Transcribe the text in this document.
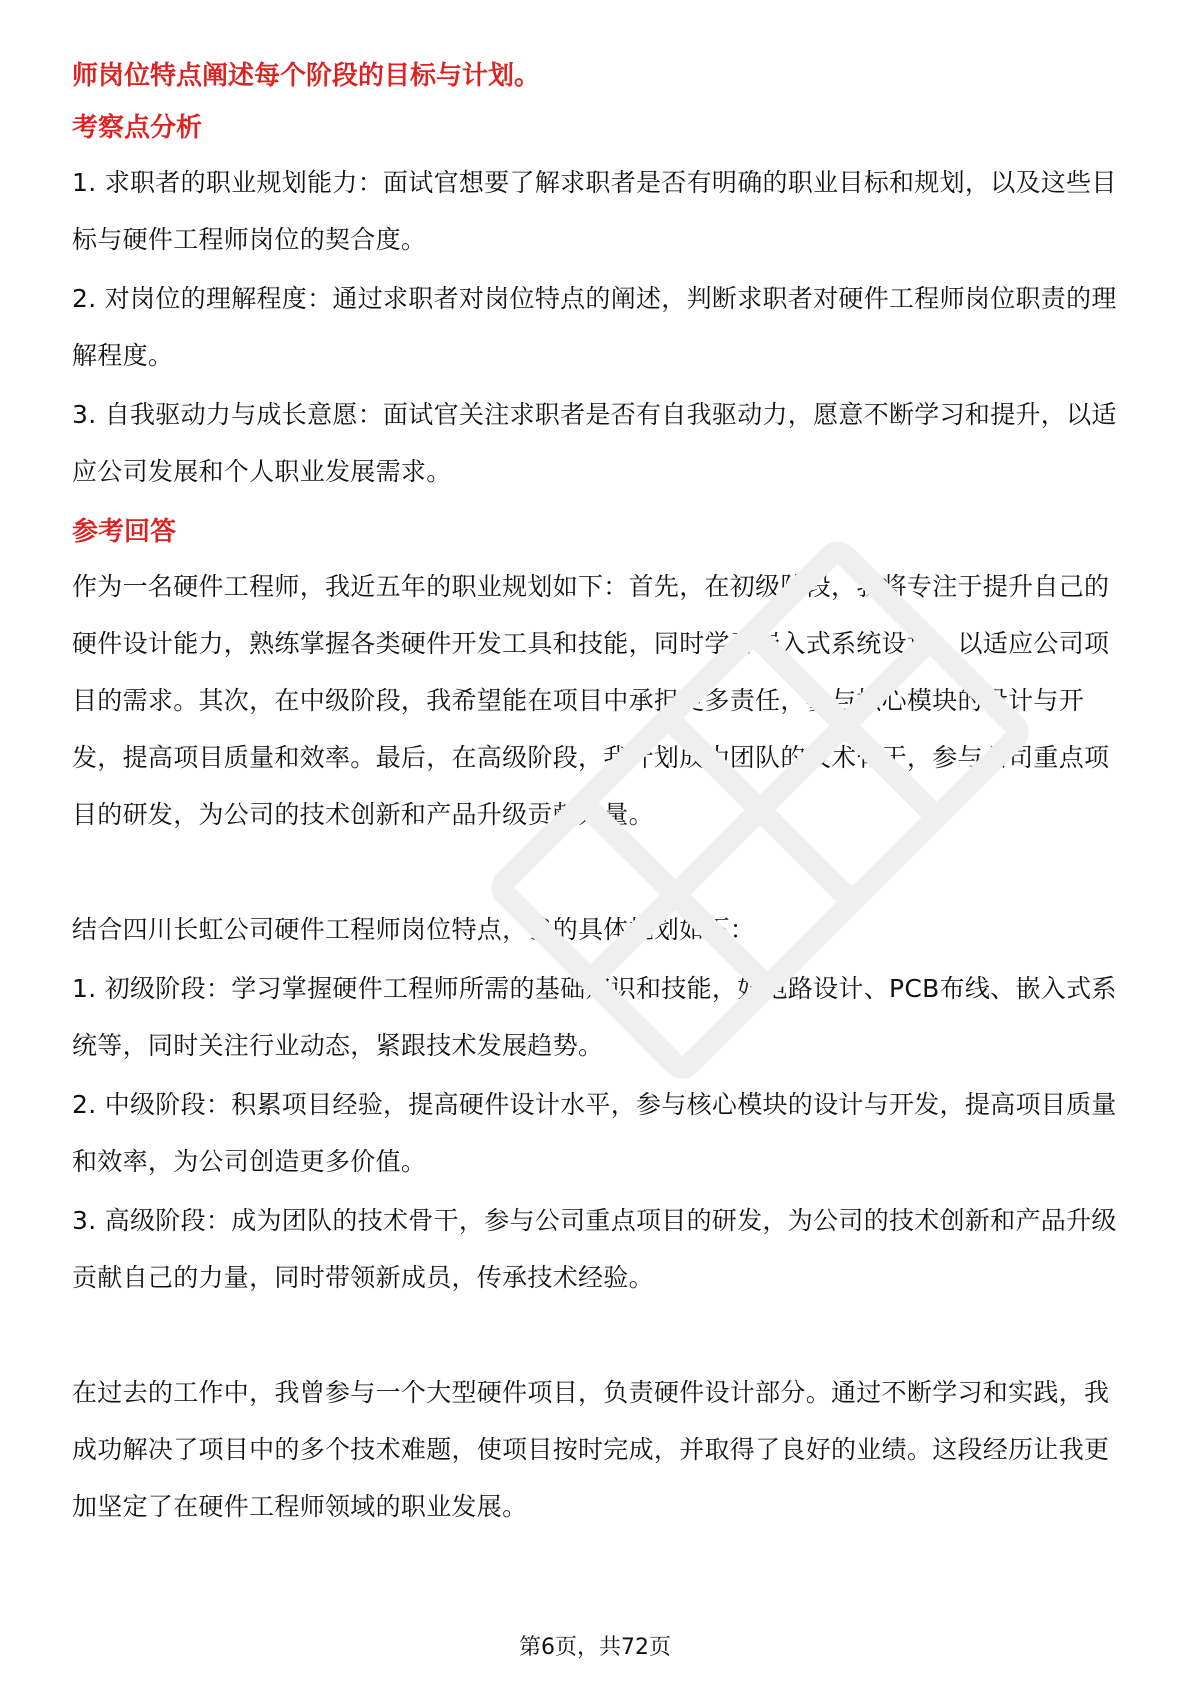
师岗位特点阐述每个阶段的目标与计划。

考察点分析

1. 求职者的职业规划能力：面试官想要了解求职者是否有明确的职业目标和规划，以及这些目标与硬件工程师岗位的契合度。

2. 对岗位的理解程度：通过求职者对岗位特点的阐述，判断求职者对硬件工程师岗位职责的理解程度。

3. 自我驱动力与成长意愿：面试官关注求职者是否有自我驱动力，愿意不断学习和提升，以适应公司发展和个人职业发展需求。

参考回答

作为一名硬件工程师，我近五年的职业规划如下：首先，在初级阶段，我将专注于提升自己的硬件设计能力，熟练掌握各类硬件开发工具和技能，同时学习嵌入式系统设计，以适应公司项目的需求。其次，在中级阶段，我希望能在项目中承担更多责任，参与核心模块的设计与开发，提高项目质量和效率。最后，在高级阶段，我计划成为团队的技术骨干，参与公司重点项目的研发，为公司的技术创新和产品升级贡献力量。

结合四川长虹公司硬件工程师岗位特点，我的具体规划如下：

1. 初级阶段：学习掌握硬件工程师所需的基础知识和技能，如电路设计、PCB布线、嵌入式系统等，同时关注行业动态，紧跟技术发展趋势。

2. 中级阶段：积累项目经验，提高硬件设计水平，参与核心模块的设计与开发，提高项目质量和效率，为公司创造更多价值。

3. 高级阶段：成为团队的技术骨干，参与公司重点项目的研发，为公司的技术创新和产品升级贡献自己的力量，同时带领新成员，传承技术经验。

在过去的工作中，我曾参与一个大型硬件项目，负责硬件设计部分。通过不断学习和实践，我成功解决了项目中的多个技术难题，使项目按时完成，并取得了良好的业绩。这段经历让我更加坚定了在硬件工程师领域的职业发展。

第6页，共72页
